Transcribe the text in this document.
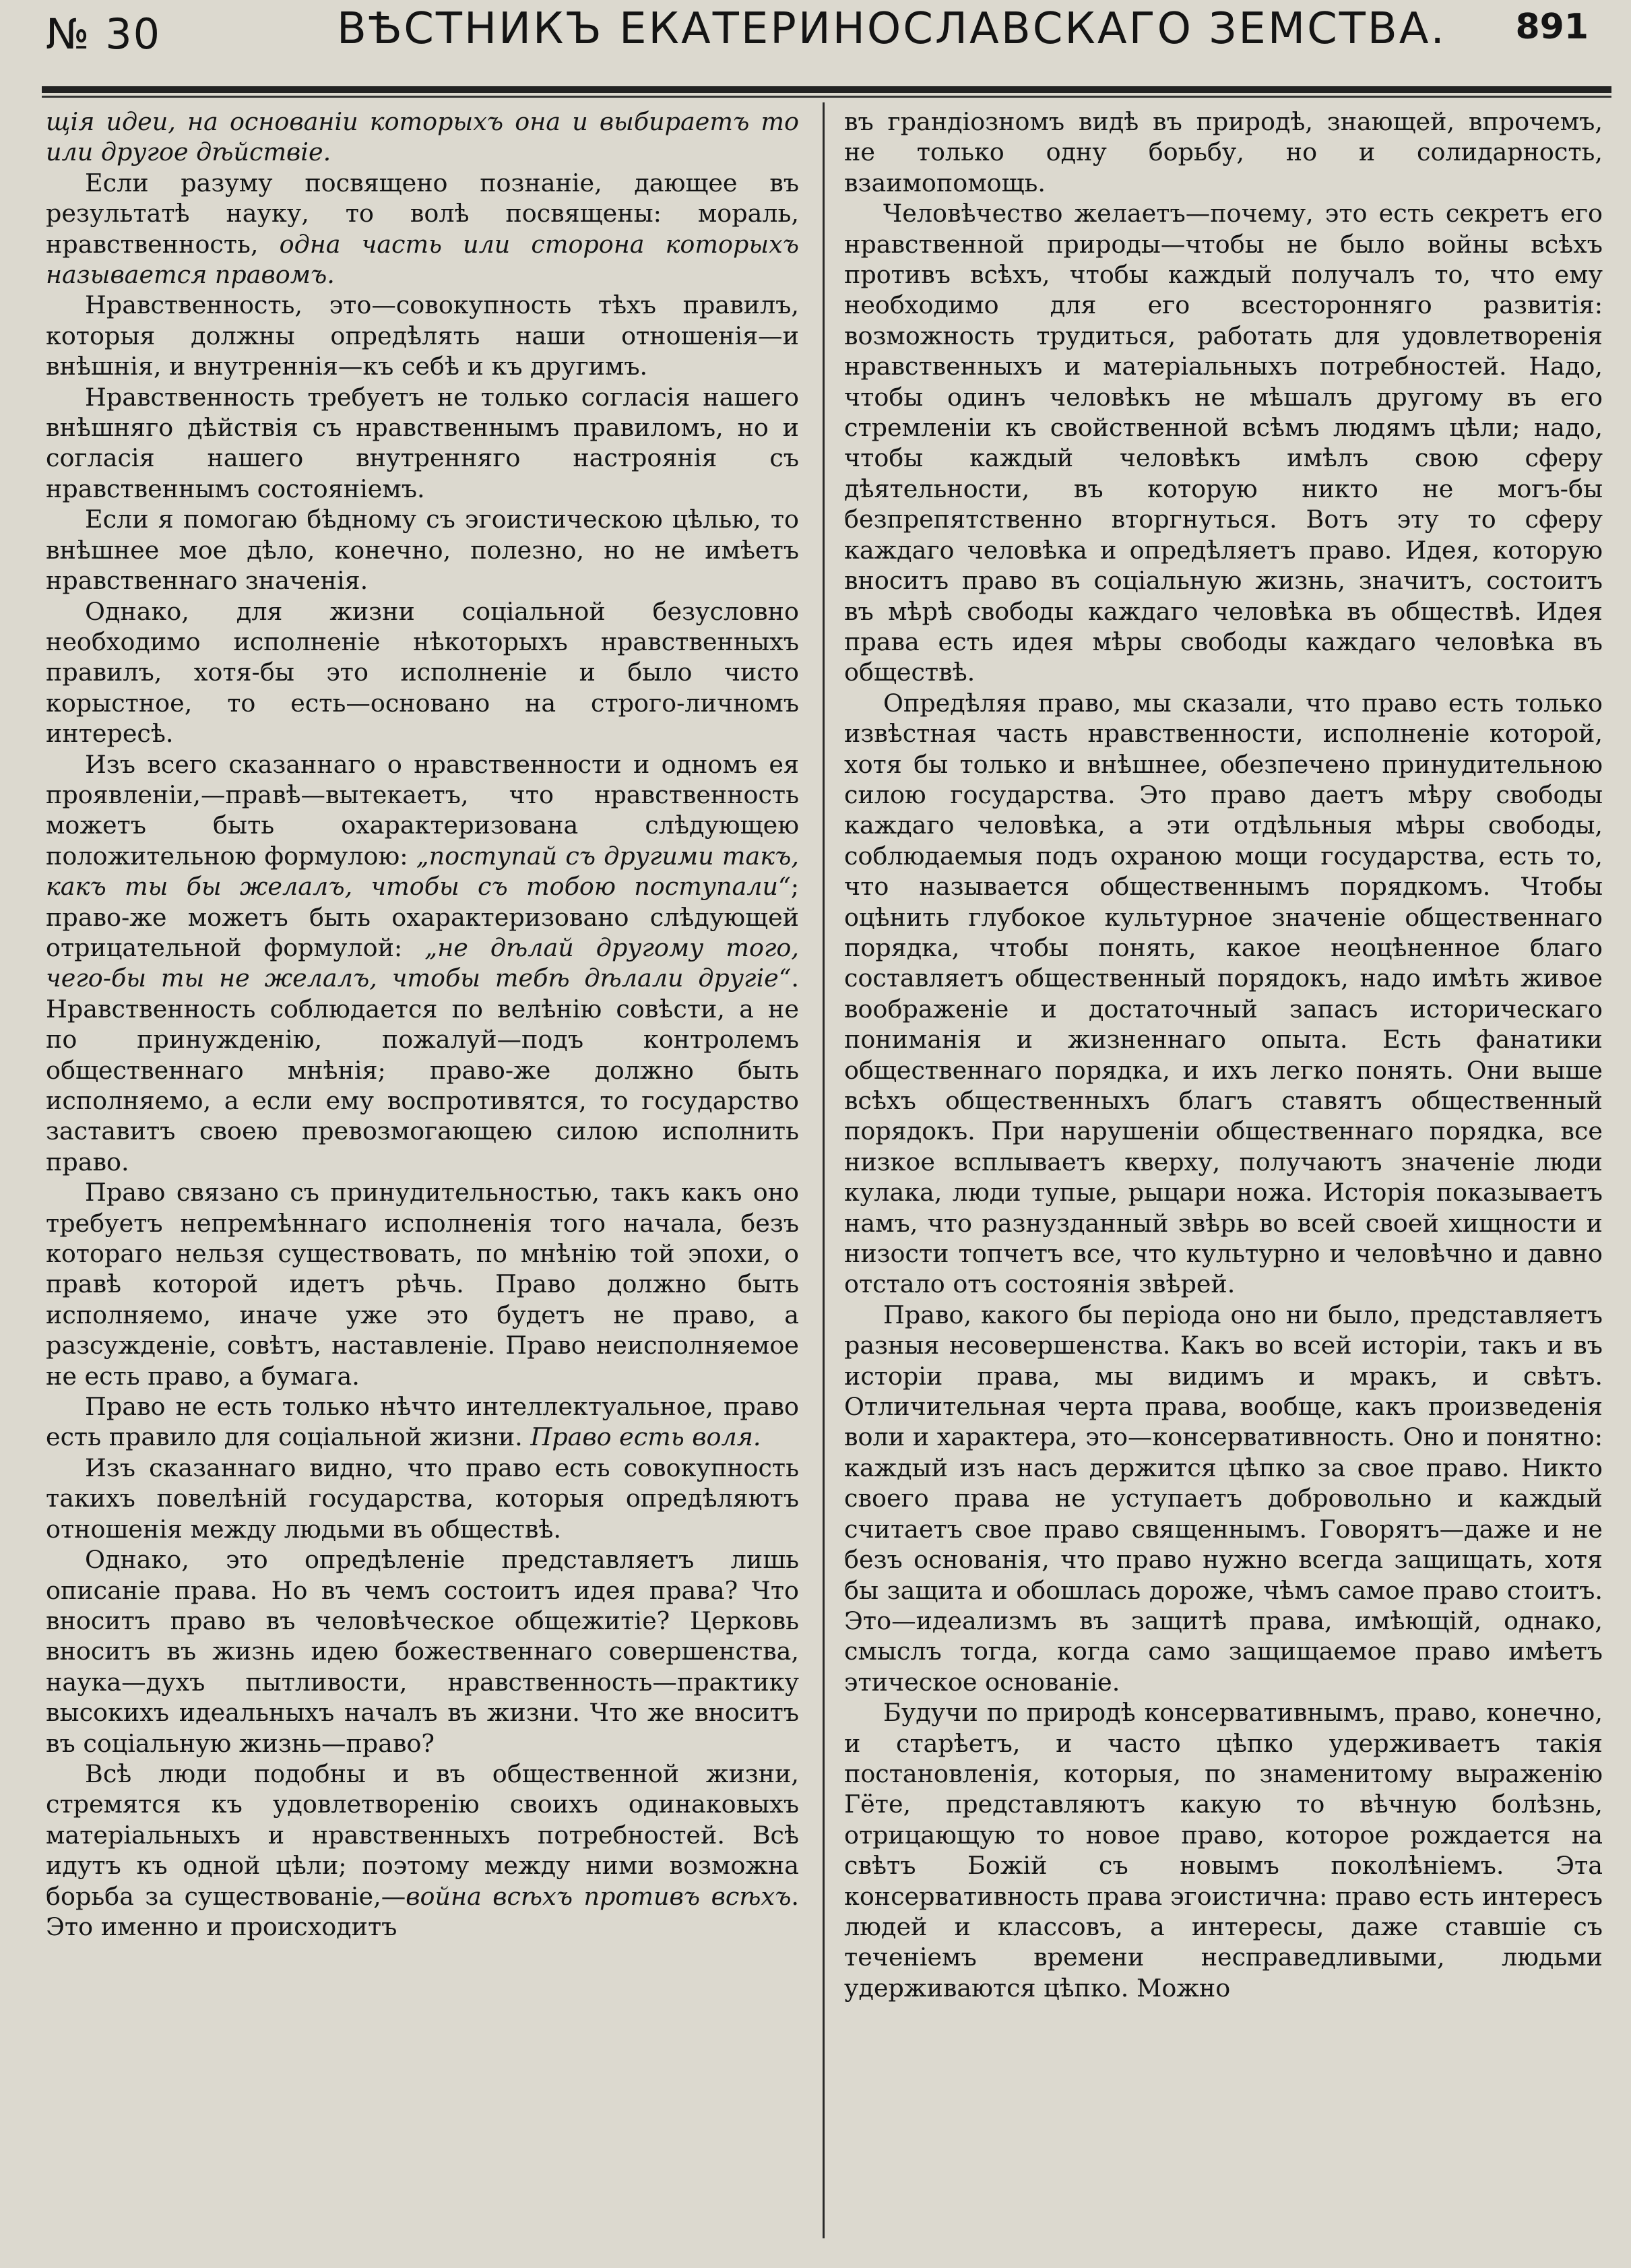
№ 30	ВѢСТНИКЪ ЕКАТЕРИНОСЛАВСКАГО ЗЕМСТВА. 891

щія идеи, на основаніи которыхъ она и выбираетъ то или другое дѣйствіе.

Если разуму посвящено познаніе, дающее въ результатѣ науку, то волѣ посвящены: мораль, нравственность, одна часть или сторона которыхъ называется правомъ.

Нравственность, это—совокупность тѣхъ правилъ, которыя должны опредѣлять наши отношенія—и внѣшнія, и внутреннія—къ себѣ и къ другимъ.

Нравственность требуетъ не только согласія нашего внѣшняго дѣйствія съ нравственнымъ правиломъ, но и согласія нашего внутренняго настроянія съ нравственнымъ состояніемъ.

Если я помогаю бѣдному съ эгоистическою цѣлью, то внѣшнее мое дѣло, конечно, полезно, но не имѣетъ нравственнаго значенія.

Однако, для жизни соціальной безусловно необходимо исполненіе нѣкоторыхъ нравственныхъ правилъ, хотя-бы это исполненіе и было чисто корыстное, то есть—основано на строго-личномъ интересѣ.

Изъ всего сказаннаго о нравственности и одномъ ея проявленіи,—правѣ—вытекаетъ, что нравственность можетъ быть охарактеризована слѣдующею положительною формулою: „поступай съ другими такъ, какъ ты бы желалъ, чтобы съ тобою поступали“; право-же можетъ быть охарактеризовано слѣдующей отрицательной формулой: „не дѣлай другому того, чего-бы ты не желалъ, чтобы тебѣ дѣлали другіе“. Нравственность соблюдается по велѣнію совѣсти, а не по принужденію, пожалуй—подъ контролемъ общественнаго мнѣнія; право-же должно быть исполняемо, а если ему воспротивятся, то государство заставитъ своею превозмогающею силою исполнить право.

Право связано съ принудительностью, такъ какъ оно требуетъ непремѣннаго исполненія того начала, безъ котораго нельзя существовать, по мнѣнію той эпохи, о правѣ которой идетъ рѣчь. Право должно быть исполняемо, иначе уже это будетъ не право, а разсужденіе, совѣтъ, наставленіе. Право неисполняемое не есть право, а бумага.

Право не есть только нѣчто интеллектуальное, право есть правило для соціальной жизни. Право есть воля.

Изъ сказаннаго видно, что право есть совокупность такихъ повелѣній государства, которыя опредѣляютъ отношенія между людьми въ обществѣ.

Однако, это опредѣленіе представляетъ лишь описаніе права. Но въ чемъ состоитъ идея права? Что вноситъ право въ человѣческое общежитіе? Церковь вноситъ въ жизнь идею божественнаго совершенства, наука—духъ пытливости, нравственность—практику высокихъ идеальныхъ началъ въ жизни. Что же вноситъ въ соціальную жизнь—право?

Всѣ люди подобны и въ общественной жизни, стремятся къ удовлетворенію своихъ одинаковыхъ матеріальныхъ и нравственныхъ потребностей. Всѣ идутъ къ одной цѣли; поэтому между ними возможна борьба за существованіе,—война всѣхъ противъ всѣхъ. Это именно и происходитъ

въ грандіозномъ видѣ въ природѣ, знающей, впрочемъ, не только одну борьбу, но и солидарность, взаимопомощь.

Человѣчество желаетъ—почему, это есть секретъ его нравственной природы—чтобы не было войны всѣхъ противъ всѣхъ, чтобы каждый получалъ то, что ему необходимо для его всесторонняго развитія: возможность трудиться, работать для удовлетворенія нравственныхъ и матеріальныхъ потребностей. Надо, чтобы одинъ человѣкъ не мѣшалъ другому въ его стремленіи къ свойственной всѣмъ людямъ цѣли; надо, чтобы каждый человѣкъ имѣлъ свою сферу дѣятельности, въ которую никто не могъ-бы безпрепятственно вторгнуться. Вотъ эту то сферу каждаго человѣка и опредѣляетъ право. Идея, которую вноситъ право въ соціальную жизнь, значитъ, состоитъ въ мѣрѣ свободы каждаго человѣка въ обществѣ. Идея права есть идея мѣры свободы каждаго человѣка въ обществѣ.

Опредѣляя право, мы сказали, что право есть только извѣстная часть нравственности, исполненіе которой, хотя бы только и внѣшнее, обезпечено принудительною силою государства. Это право даетъ мѣру свободы каждаго человѣка, а эти отдѣльныя мѣры свободы, соблюдаемыя подъ охраною мощи государства, есть то, что называется общественнымъ порядкомъ. Чтобы оцѣнить глубокое культурное значеніе общественнаго порядка, чтобы понять, какое неоцѣненное благо составляетъ общественный порядокъ, надо имѣть живое воображеніе и достаточный запасъ историческаго пониманія и жизненнаго опыта. Есть фанатики общественнаго порядка, и ихъ легко понять. Они выше всѣхъ общественныхъ благъ ставятъ общественный порядокъ. При нарушеніи общественнаго порядка, все низкое всплываетъ кверху, получаютъ значеніе люди кулака, люди тупые, рыцари ножа. Исторія показываетъ намъ, что разнузданный звѣрь во всей своей хищности и низости топчетъ все, что культурно и человѣчно и давно отстало отъ состоянія звѣрей.

Право, какого бы періода оно ни было, представляетъ разныя несовершенства. Какъ во всей исторіи, такъ и въ исторіи права, мы видимъ и мракъ, и свѣтъ. Отличительная черта права, вообще, какъ произведенія воли и характера, это—консервативность. Оно и понятно: каждый изъ насъ держится цѣпко за свое право. Никто своего права не уступаетъ добровольно и каждый считаетъ свое право священнымъ. Говорятъ—даже и не безъ основанія, что право нужно всегда защищать, хотя бы защита и обошлась дороже, чѣмъ самое право стоитъ. Это—идеализмъ въ защитѣ права, имѣющій, однако, смыслъ тогда, когда само защищаемое право имѣетъ этическое основаніе.

Будучи по природѣ консервативнымъ, право, конечно, и старѣетъ, и часто цѣпко удерживаетъ такія постановленія, которыя, по знаменитому выраженію Гёте, представляютъ какую то вѣчную болѣзнь, отрицающую то новое право, которое рождается на свѣтъ Божій съ новымъ поколѣніемъ. Эта консервативность права эгоистична: право есть интересъ людей и классовъ, а интересы, даже ставшіе съ теченіемъ времени несправедливыми, людьми удерживаются цѣпко. Можно
